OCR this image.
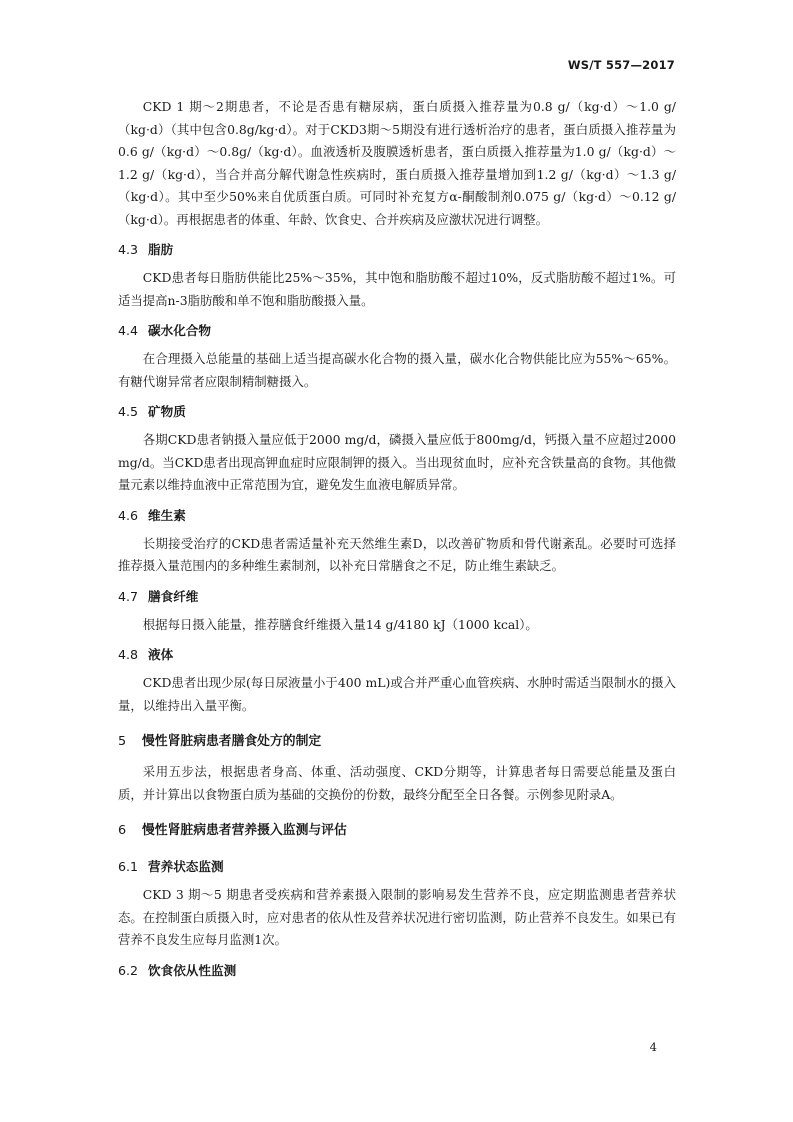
WS/T 557—2017

CKD 1 期～2期患者，不论是否患有糖尿病，蛋白质摄入推荐量为0.8 g/（kg·d）～1.0 g/（kg·d）（其中包含0.8g/kg·d）。对于CKD3期～5期没有进行透析治疗的患者，蛋白质摄入推荐量为0.6 g/（kg·d）～0.8g/（kg·d）。血液透析及腹膜透析患者，蛋白质摄入推荐量为1.0 g/（kg·d）～1.2 g/（kg·d），当合并高分解代谢急性疾病时，蛋白质摄入推荐量增加到1.2 g/（kg·d）～1.3 g/（kg·d）。其中至少50%来自优质蛋白质。可同时补充复方α-酮酸制剂0.075 g/（kg·d）～0.12 g/（kg·d）。再根据患者的体重、年龄、饮食史、合并疾病及应激状况进行调整。

4.3 脂肪

CKD患者每日脂肪供能比25%～35%，其中饱和脂肪酸不超过10%，反式脂肪酸不超过1%。可适当提高n-3脂肪酸和单不饱和脂肪酸摄入量。

4.4 碳水化合物

在合理摄入总能量的基础上适当提高碳水化合物的摄入量，碳水化合物供能比应为55%～65%。有糖代谢异常者应限制精制糖摄入。

4.5 矿物质

各期CKD患者钠摄入量应低于2000 mg/d，磷摄入量应低于800mg/d，钙摄入量不应超过2000 mg/d。当CKD患者出现高钾血症时应限制钾的摄入。当出现贫血时，应补充含铁量高的食物。其他微量元素以维持血液中正常范围为宜，避免发生血液电解质异常。

4.6 维生素

长期接受治疗的CKD患者需适量补充天然维生素D，以改善矿物质和骨代谢紊乱。必要时可选择推荐摄入量范围内的多种维生素制剂，以补充日常膳食之不足，防止维生素缺乏。

4.7 膳食纤维

根据每日摄入能量，推荐膳食纤维摄入量14 g/4180 kJ（1000 kcal）。

4.8 液体

CKD患者出现少尿(每日尿液量小于400 mL)或合并严重心血管疾病、水肿时需适当限制水的摄入量，以维持出入量平衡。

5	慢性肾脏病患者膳食处方的制定

采用五步法，根据患者身高、体重、活动强度、CKD分期等，计算患者每日需要总能量及蛋白质，并计算出以食物蛋白质为基础的交换份的份数，最终分配至全日各餐。示例参见附录A。

6	慢性肾脏病患者营养摄入监测与评估
6.1 营养状态监测

CKD 3 期～5 期患者受疾病和营养素摄入限制的影响易发生营养不良，应定期监测患者营养状态。在控制蛋白质摄入时，应对患者的依从性及营养状况进行密切监测，防止营养不良发生。如果已有营养不良发生应每月监测1次。

6.2 饮食依从性监测
4
